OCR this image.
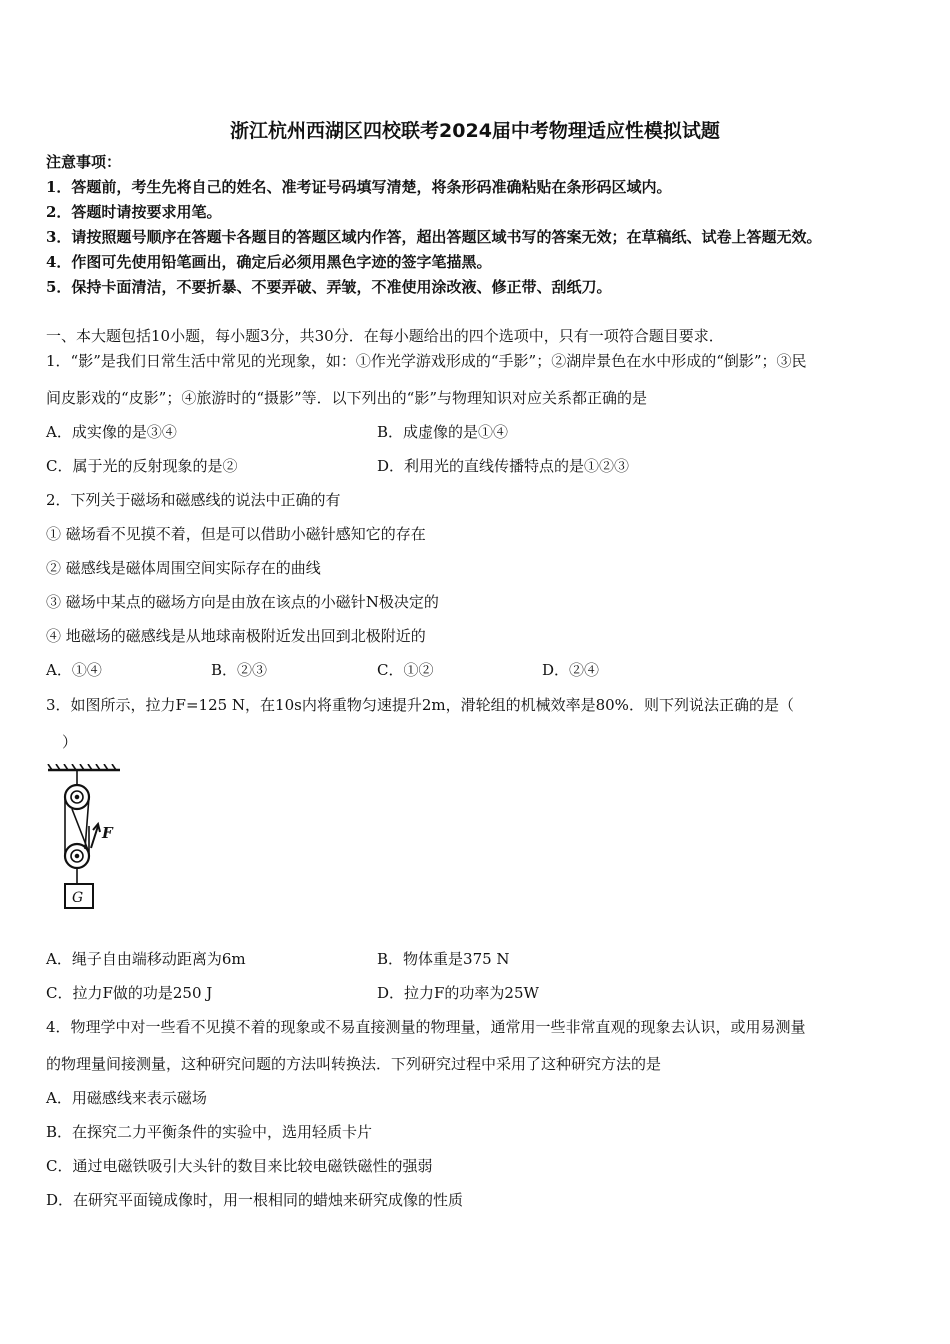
浙江杭州西湖区四校联考2024届中考物理适应性模拟试题
注意事项：
1．答题前，考生先将自己的姓名、准考证号码填写清楚，将条形码准确粘贴在条形码区域内。
2．答题时请按要求用笔。
3．请按照题号顺序在答题卡各题目的答题区域内作答，超出答题区域书写的答案无效；在草稿纸、试卷上答题无效。
4．作图可先使用铅笔画出，确定后必须用黑色字迹的签字笔描黑。
5．保持卡面清洁，不要折暴、不要弄破、弄皱，不准使用涂改液、修正带、刮纸刀。
一、本大题包括10小题，每小题3分，共30分．在每小题给出的四个选项中，只有一项符合题目要求．
1．“影”是我们日常生活中常见的光现象，如：①作光学游戏形成的“手影”；②湖岸景色在水中形成的“倒影”；③民
间皮影戏的“皮影”；④旅游时的“摄影”等．以下列出的“影”与物理知识对应关系都正确的是
A．成实像的是③④	B．成虚像的是①④
C．属于光的反射现象的是②	D．利用光的直线传播特点的是①②③
2．下列关于磁场和磁感线的说法中正确的有
① 磁场看不见摸不着，但是可以借助小磁针感知它的存在
② 磁感线是磁体周围空间实际存在的曲线
③ 磁场中某点的磁场方向是由放在该点的小磁针N极决定的
④ 地磁场的磁感线是从地球南极附近发出回到北极附近的
A．①④	B．②③	C．①②	D．②④
3．如图所示，拉力F=125 N，在10s内将重物匀速提升2m，滑轮组的机械效率是80%．则下列说法正确的是（
）
F
G
A．绳子自由端移动距离为6m	B．物体重是375 N
C．拉力F做的功是250 J	D．拉力F的功率为25W
4．物理学中对一些看不见摸不着的现象或不易直接测量的物理量，通常用一些非常直观的现象去认识，或用易测量
的物理量间接测量，这种研究问题的方法叫转换法．下列研究过程中采用了这种研究方法的是
A．用磁感线来表示磁场
B．在探究二力平衡条件的实验中，选用轻质卡片
C．通过电磁铁吸引大头针的数目来比较电磁铁磁性的强弱
D．在研究平面镜成像时，用一根相同的蜡烛来研究成像的性质
